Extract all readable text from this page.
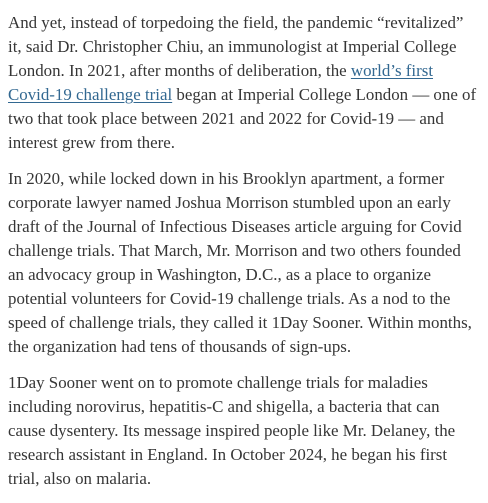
And yet, instead of torpedoing the field, the pandemic “revitalized” it, said Dr. Christopher Chiu, an immunologist at Imperial College London. In 2021, after months of deliberation, the world’s first Covid-19 challenge trial began at Imperial College London — one of two that took place between 2021 and 2022 for Covid-19 — and interest grew from there.

In 2020, while locked down in his Brooklyn apartment, a former corporate lawyer named Joshua Morrison stumbled upon an early draft of the Journal of Infectious Diseases article arguing for Covid challenge trials. That March, Mr. Morrison and two others founded an advocacy group in Washington, D.C., as a place to organize potential volunteers for Covid-19 challenge trials. As a nod to the speed of challenge trials, they called it 1Day Sooner. Within months, the organization had tens of thousands of sign-ups.

1Day Sooner went on to promote challenge trials for maladies including norovirus, hepatitis-C and shigella, a bacteria that can cause dysentery. Its message inspired people like Mr. Delaney, the research assistant in England. In October 2024, he began his first trial, also on malaria.
